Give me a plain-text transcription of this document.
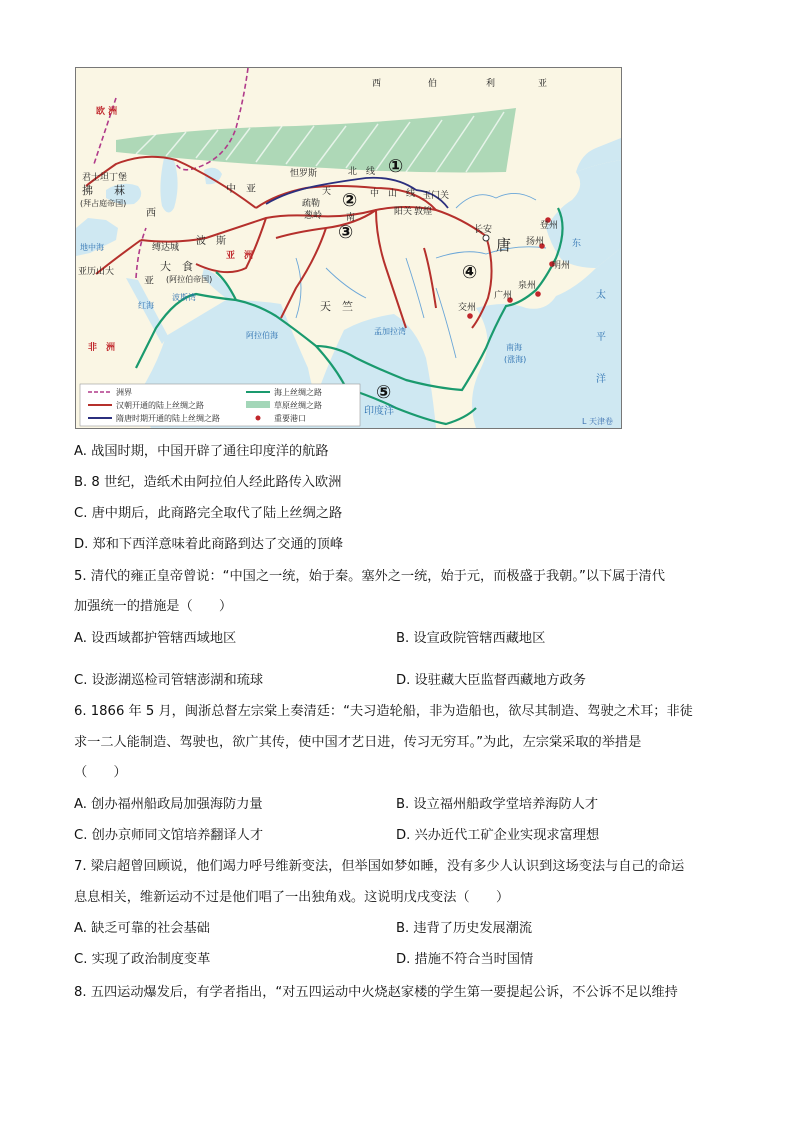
①
②
③
④
⑤
西	伯	利	亚
欧 洲
君士坦丁堡
拂 菻
(拜占庭帝国)
中　亚
怛罗斯	北　线
中　山　线
天
南
玉门关
敦煌
阳关
疏勒
葱岭
长安
唐
登州
扬州
明州
泉州
广州
交州
缚达城
大　食
(阿拉伯帝国)
波　斯
西
亚
亚历山大
天　竺
非　洲
亚　洲
地中海
红海
波斯湾
阿拉伯海	孟加拉湾
印度洋
南海
(涨海)
东
太
平
洋
L 天津卷
洲界
汉朝开通的陆上丝绸之路
隋唐时期开通的陆上丝绸之路
海上丝绸之路
草原丝绸之路
重要港口
A. 战国时期，中国开辟了通往印度洋的航路
B. 8 世纪，造纸术由阿拉伯人经此路传入欧洲
C. 唐中期后，此商路完全取代了陆上丝绸之路
D. 郑和下西洋意味着此商路到达了交通的顶峰
5. 清代的雍正皇帝曾说：“中国之一统，始于秦。塞外之一统，始于元，而极盛于我朝。”以下属于清代
加强统一的措施是（　　）
A. 设西域都护管辖西域地区	B. 设宣政院管辖西藏地区
C. 设澎湖巡检司管辖澎湖和琉球	D. 设驻藏大臣监督西藏地方政务
6. 1866 年 5 月，闽浙总督左宗棠上奏清廷：“夫习造轮船，非为造船也，欲尽其制造、驾驶之术耳；非徒
求一二人能制造、驾驶也，欲广其传，使中国才艺日进，传习无穷耳。”为此，左宗棠采取的举措是
（　　）
A. 创办福州船政局加强海防力量	B. 设立福州船政学堂培养海防人才
C. 创办京师同文馆培养翻译人才	D. 兴办近代工矿企业实现求富理想
7. 梁启超曾回顾说，他们竭力呼号维新变法，但举国如梦如睡，没有多少人认识到这场变法与自己的命运
息息相关，维新运动不过是他们唱了一出独角戏。这说明戊戌变法（　　）
A. 缺乏可靠的社会基础	B. 违背了历史发展潮流
C. 实现了政治制度变革	D. 措施不符合当时国情
8. 五四运动爆发后，有学者指出，“对五四运动中火烧赵家楼的学生第一要提起公诉，不公诉不足以维持
